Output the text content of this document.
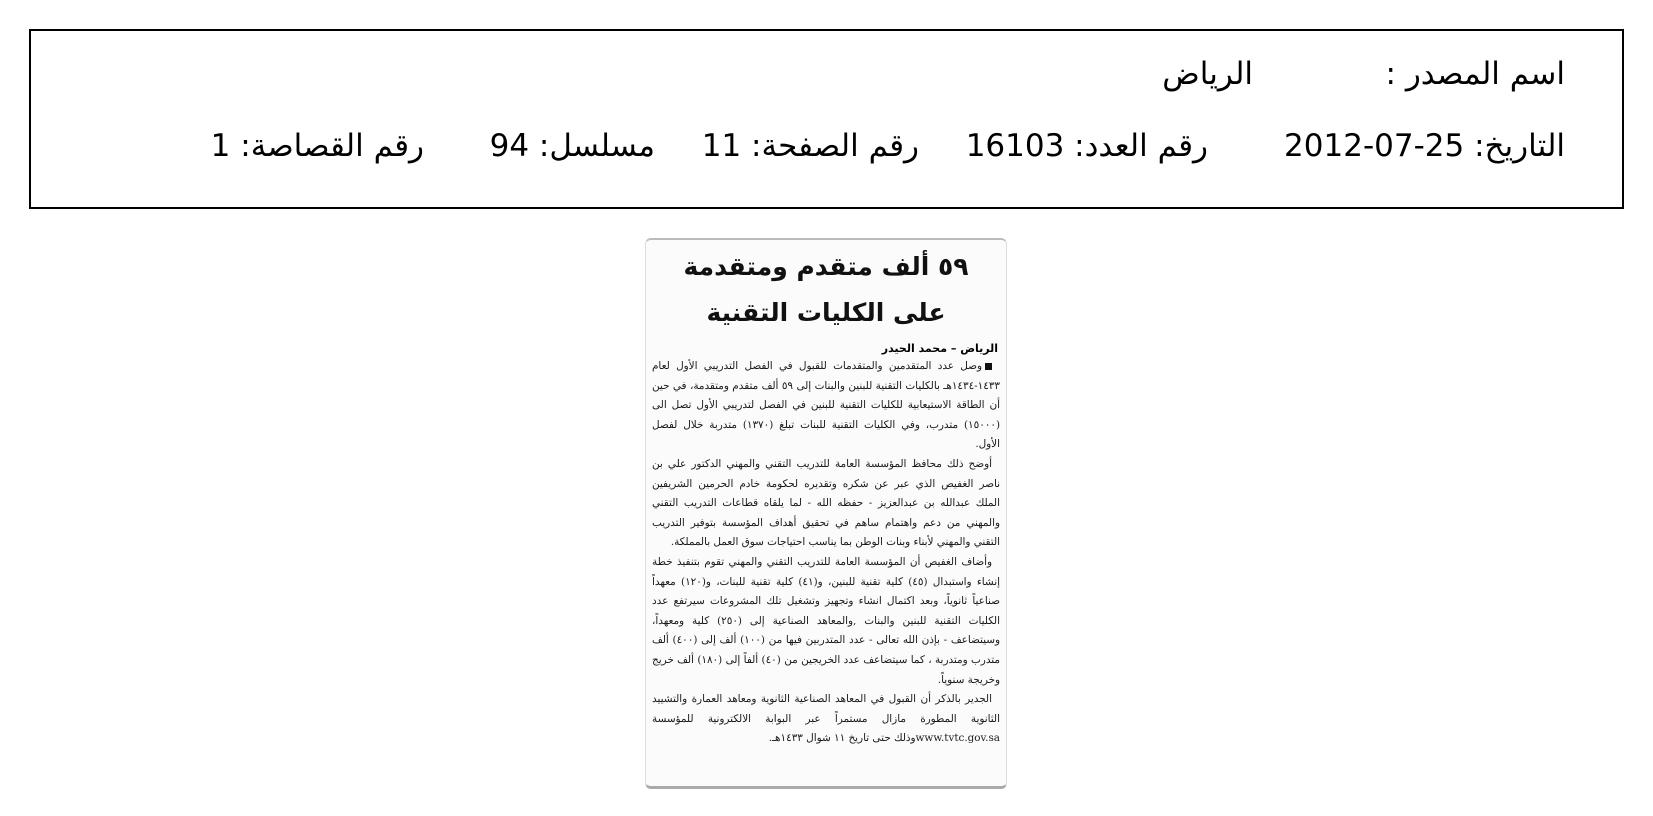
اسم المصدر :
الرياض
التاريخ: 25-07-2012
رقم العدد: 16103
رقم الصفحة: 11
مسلسل: 94
رقم القصاصة: 1
٥٩ ألف متقدم ومتقدمة
على الكليات التقنية
الرياض – محمد الحيدر

وصل عدد المتقدمين والمتقدمات للقبول في الفصل التدريبي الأول لعام ١٤٣٣-١٤٣٤هـ بالكليات التقنية للبنين والبنات إلى ٥٩ ألف متقدم ومتقدمة، في حين أن الطاقة الاستيعابية للكليات التقنية للبنين في الفصل لتدريبي الأول تصل الى (١٥٠٠٠) متدرب، وفي الكليات التقنية للبنات تبلغ (١٣٧٠) متدربة خلال لفصل الأول.

أوضح ذلك محافظ المؤسسة العامة للتدريب التقني والمهني الدكتور علي بن ناصر الغفيص الذي عبر عن شكره وتقديره لحكومة خادم الحرمين الشريفين الملك عبدالله بن عبدالعزيز - حفظه الله - لما يلقاه قطاعات التدريب التقني والمهني من دعم واهتمام ساهم في تحقيق أهداف المؤسسة بتوفير التدريب التقني والمهني لأبناء وبنات الوطن بما يناسب احتياجات سوق العمل بالمملكة.

وأضاف الغفيص أن المؤسسة العامة للتدريب التقني والمهني تقوم بتنفيذ خطة إنشاء واستبدال (٤٥) كلية تقنية للبنين، و(٤١) كلية تقنية للبنات، و(١٢٠) معهداً صناعياً ثانوياً، وبعد اكتمال انشاء وتجهيز وتشغيل تلك المشروعات سيرتفع عدد الكليات التقنية للبنين والبنات ,والمعاهد الصناعية إلى (٢٥٠) كلية ومعهداً، وسيتضاعف - بإذن الله تعالى - عدد المتدربين فيها من (١٠٠) ألف إلى (٤٠٠) ألف متدرب ومتدربة ، كما سيتضاعف عدد الخريجين من (٤٠) ألفاً إلى (١٨٠) ألف خريج وخريجة سنوياً.

الجدير بالذكر أن القبول في المعاهد الصناعية الثانوية ومعاهد العمارة والتشييد الثانوية المطورة مازال مستمراً عبر البوابة الالكترونية للمؤسسة www.tvtc.gov.saوذلك حتى تاريخ ١١ شوال ١٤٣٣هـ.
